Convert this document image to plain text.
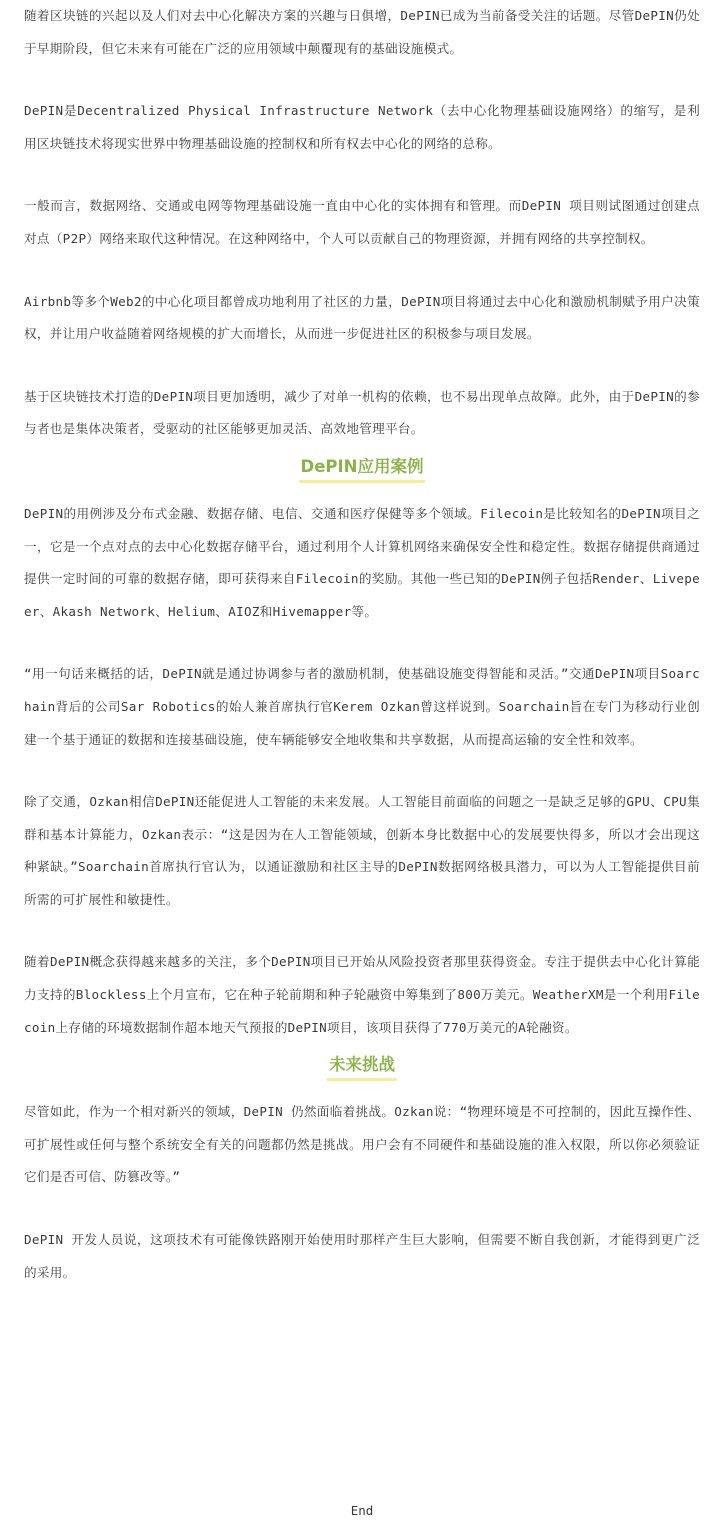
随着区块链的兴起以及人们对去中心化解决方案的兴趣与日俱增，DePIN已成为当前备受关注的话题。尽管DePIN仍处于早期阶段，但它未来有可能在广泛的应用领域中颠覆现有的基础设施模式。

DePIN是Decentralized Physical Infrastructure Network（去中心化物理基础设施网络）的缩写，是利用区块链技术将现实世界中物理基础设施的控制权和所有权去中心化的网络的总称。

一般而言，数据网络、交通或电网等物理基础设施一直由中心化的实体拥有和管理。而DePIN 项目则试图通过创建点对点（P2P）网络来取代这种情况。在这种网络中，个人可以贡献自己的物理资源，并拥有网络的共享控制权。

Airbnb等多个Web2的中心化项目都曾成功地利用了社区的力量，DePIN项目将通过去中心化和激励机制赋予用户决策权，并让用户收益随着网络规模的扩大而增长，从而进一步促进社区的积极参与项目发展。

基于区块链技术打造的DePIN项目更加透明，减少了对单一机构的依赖，也不易出现单点故障。此外，由于DePIN的参与者也是集体决策者，受驱动的社区能够更加灵活、高效地管理平台。

DePIN应用案例

DePIN的用例涉及分布式金融、数据存储、电信、交通和医疗保健等多个领域。Filecoin是比较知名的DePIN项目之一，它是一个点对点的去中心化数据存储平台，通过利用个人计算机网络来确保安全性和稳定性。数据存储提供商通过提供一定时间的可靠的数据存储，即可获得来自Filecoin的奖励。其他一些已知的DePIN例子包括Render、Livepeer、Akash Network、Helium、AIOZ和Hivemapper等。

“用一句话来概括的话，DePIN就是通过协调参与者的激励机制，使基础设施变得智能和灵活。”交通DePIN项目Soarchain背后的公司Sar Robotics的始人兼首席执行官Kerem Ozkan曾这样说到。Soarchain旨在专门为移动行业创建一个基于通证的数据和连接基础设施，使车辆能够安全地收集和共享数据，从而提高运输的安全性和效率。

除了交通，Ozkan相信DePIN还能促进人工智能的未来发展。人工智能目前面临的问题之一是缺乏足够的GPU、CPU集群和基本计算能力，Ozkan表示：“这是因为在人工智能领域，创新本身比数据中心的发展要快得多，所以才会出现这种紧缺。”Soarchain首席执行官认为，以通证激励和社区主导的DePIN数据网络极具潜力，可以为人工智能提供目前所需的可扩展性和敏捷性。

随着DePIN概念获得越来越多的关注，多个DePIN项目已开始从风险投资者那里获得资金。专注于提供去中心化计算能力支持的Blockless上个月宣布，它在种子轮前期和种子轮融资中筹集到了800万美元。WeatherXM是一个利用Filecoin上存储的环境数据制作超本地天气预报的DePIN项目，该项目获得了770万美元的A轮融资。

未来挑战

尽管如此，作为一个相对新兴的领域，DePIN 仍然面临着挑战。Ozkan说：“物理环境是不可控制的，因此互操作性、可扩展性或任何与整个系统安全有关的问题都仍然是挑战。用户会有不同硬件和基础设施的准入权限，所以你必须验证它们是否可信、防篡改等。”

DePIN 开发人员说，这项技术有可能像铁路刚开始使用时那样产生巨大影响，但需要不断自我创新，才能得到更广泛的采用。

End
